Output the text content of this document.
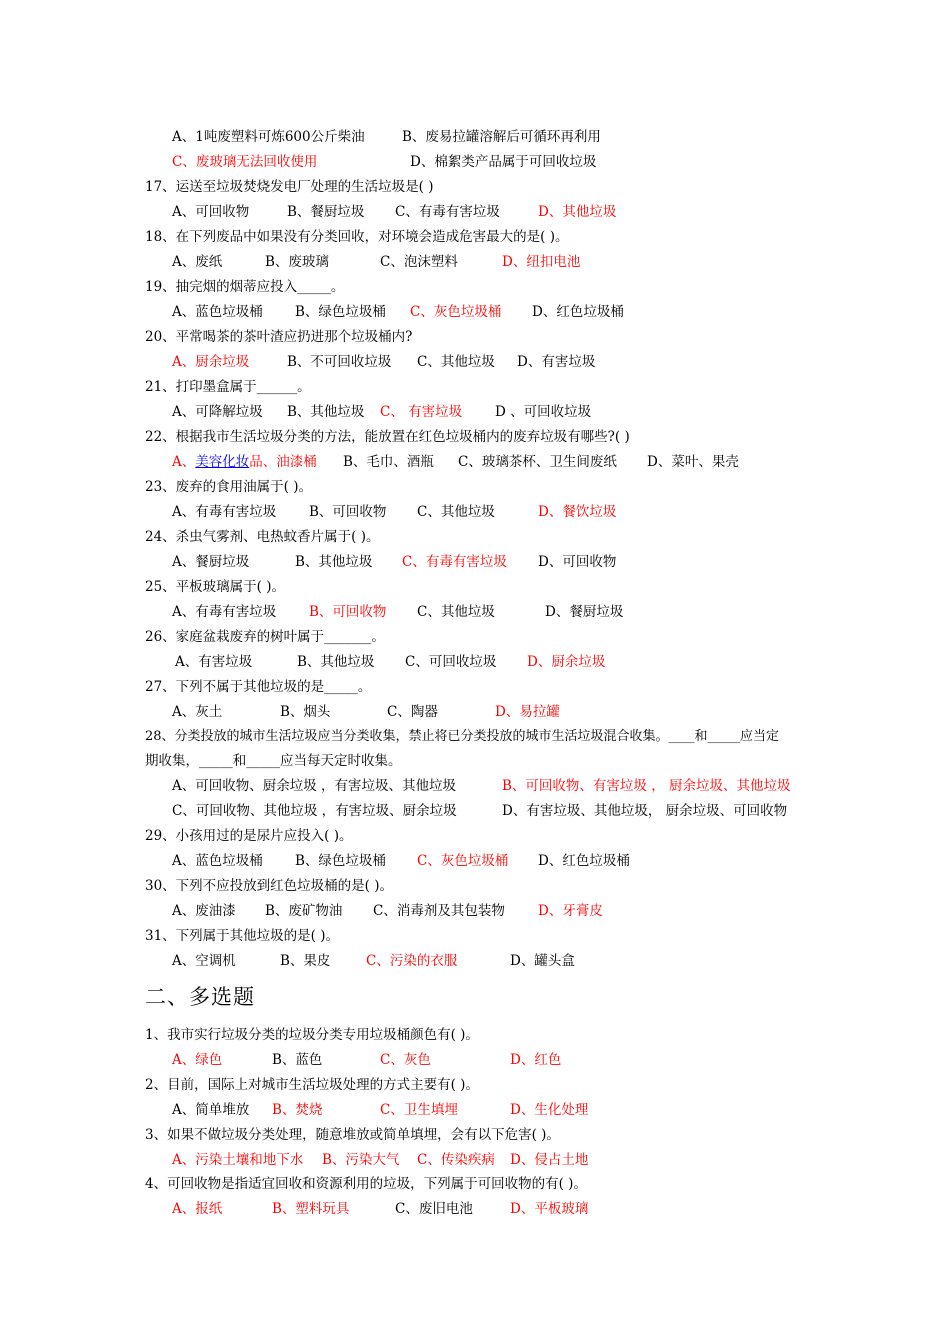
A、1吨废塑料可炼600公斤柴油	B、废易拉罐溶解后可循环再利用
C、废玻璃无法回收使用	D、棉絮类产品属于可回收垃圾
17、运送至垃圾焚烧发电厂处理的生活垃圾是( )
A、可回收物	B、餐厨垃圾 C、有毒有害垃圾	D、其他垃圾
18、在下列废品中如果没有分类回收，对环境会造成危害最大的是( )。
A、废纸	B、废玻璃	C、泡沫塑料	D、纽扣电池
19、抽完烟的烟蒂应投入_____。
A、蓝色垃圾桶 B、绿色垃圾桶 C、灰色垃圾桶 D、红色垃圾桶
20、平常喝茶的茶叶渣应扔进那个垃圾桶内?
A、厨余垃圾	B、不可回收垃圾 C、其他垃圾 D、有害垃圾
21、打印墨盒属于______。
A、可降解垃圾 B、其他垃圾 C、 有害垃圾 D 、可回收垃圾
22、根据我市生活垃圾分类的方法，能放置在红色垃圾桶内的废弃垃圾有哪些?( )
A、美容化妆品、油漆桶 B、毛巾、酒瓶 C、玻璃茶杯、卫生间废纸 D、菜叶、果壳
23、废弃的食用油属于( )。
A、有毒有害垃圾 B、可回收物 C、其他垃圾	D、餐饮垃圾
24、杀虫气雾剂、电热蚊香片属于( )。
A、餐厨垃圾	B、其他垃圾 C、有毒有害垃圾 D、可回收物
25、平板玻璃属于( )。
A、有毒有害垃圾 B、可回收物 C、其他垃圾	D、餐厨垃圾
26、家庭盆栽废弃的树叶属于_______。
A、有害垃圾	B、其他垃圾 C、可回收垃圾 D、厨余垃圾
27、下列不属于其他垃圾的是_____。
A、灰土	B、烟头	C、陶器	D、易拉罐
28、分类投放的城市生活垃圾应当分类收集，禁止将已分类投放的城市生活垃圾混合收集。____和_____应当定
期收集，_____和_____应当每天定时收集。
A、可回收物、厨余垃圾 ，有害垃圾、其他垃圾	B、可回收物、有害垃圾 ， 厨余垃圾、其他垃圾
C、可回收物、其他垃圾 ，有害垃圾、厨余垃圾	D、有害垃圾、其他垃圾， 厨余垃圾、可回收物
29、小孩用过的是尿片应投入( )。
A、蓝色垃圾桶 B、绿色垃圾桶 C、灰色垃圾桶 D、红色垃圾桶
30、下列不应投放到红色垃圾桶的是( )。
A、废油漆 B、废矿物油 C、消毒剂及其包装物 D、牙膏皮
31、下列属于其他垃圾的是( )。
A、空调机	B、果皮	C、污染的衣服	D、罐头盒
二、多选题
1、我市实行垃圾分类的垃圾分类专用垃圾桶颜色有( )。
A、绿色	B、蓝色	C、灰色	D、红色
2、目前，国际上对城市生活垃圾处理的方式主要有( )。
A、简单堆放 B、焚烧	C、卫生填埋	D、生化处理
3、如果不做垃圾分类处理，随意堆放或简单填埋，会有以下危害( )。
A、污染土壤和地下水 B、污染大气 C、传染疾病 D、侵占土地
4、可回收物是指适宜回收和资源利用的垃圾，下列属于可回收物的有( )。
A、报纸	B、塑料玩具	C、废旧电池	D、平板玻璃
